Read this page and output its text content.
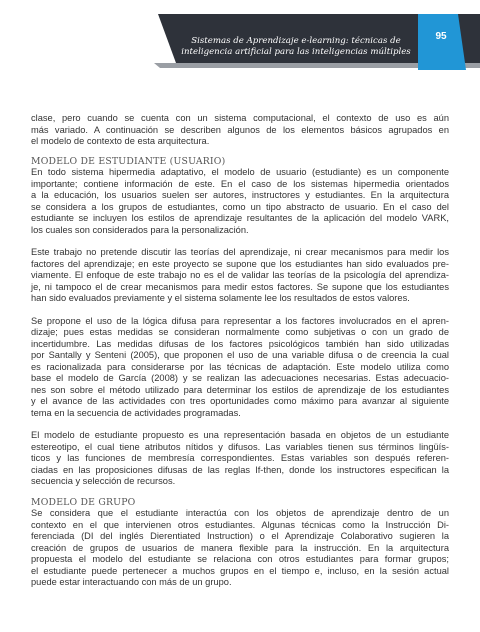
Sistemas de Aprendizaje e-learning: técnicas de
inteligencia artificial para las inteligencias múltiples
95

clase, pero cuando se cuenta con un sistema computacional, el contexto de uso es aún
más variado. A continuación se describen algunos de los elementos básicos agrupados en
el modelo de contexto de esta arquitectura.

MODELO DE ESTUDIANTE (USUARIO)

En todo sistema hipermedia adaptativo, el modelo de usuario (estudiante) es un componente
importante; contiene información de este. En el caso de los sistemas hipermedia orientados
a la educación, los usuarios suelen ser autores, instructores y estudiantes. En la arquitectura
se considera a los grupos de estudiantes, como un tipo abstracto de usuario. En el caso del
estudiante se incluyen los estilos de aprendizaje resultantes de la aplicación del modelo VARK,
los cuales son considerados para la personalización.

Este trabajo no pretende discutir las teorías del aprendizaje, ni crear mecanismos para medir los
factores del aprendizaje; en este proyecto se supone que los estudiantes han sido evaluados pre-
viamente. El enfoque de este trabajo no es el de validar las teorías de la psicología del aprendiza-
je, ni tampoco el de crear mecanismos para medir estos factores. Se supone que los estudiantes
han sido evaluados previamente y el sistema solamente lee los resultados de estos valores.

Se propone el uso de la lógica difusa para representar a los factores involucrados en el apren-
dizaje; pues estas medidas se consideran normalmente como subjetivas o con un grado de
incertidumbre. Las medidas difusas de los factores psicológicos también han sido utilizadas
por Santally y Senteni (2005), que proponen el uso de una variable difusa o de creencia la cual
es racionalizada para considerarse por las técnicas de adaptación. Este modelo utiliza como
base el modelo de García (2008) y se realizan las adecuaciones necesarias. Estas adecuacio-
nes son sobre el método utilizado para determinar los estilos de aprendizaje de los estudiantes
y el avance de las actividades con tres oportunidades como máximo para avanzar al siguiente
tema en la secuencia de actividades programadas.

El modelo de estudiante propuesto es una representación basada en objetos de un estudiante
estereotipo, el cual tiene atributos nítidos y difusos. Las variables tienen sus términos lingüís-
ticos y las funciones de membresía correspondientes. Estas variables son después referen-
ciadas en las proposiciones difusas de las reglas If-then, donde los instructores especifican la
secuencia y selección de recursos.

MODELO DE GRUPO

Se considera que el estudiante interactúa con los objetos de aprendizaje dentro de un
contexto en el que intervienen otros estudiantes. Algunas técnicas como la Instrucción Di-
ferenciada (DI del inglés Dierentiated Instruction) o el Aprendizaje Colaborativo sugieren la
creación de grupos de usuarios de manera flexible para la instrucción. En la arquitectura
propuesta el modelo del estudiante se relaciona con otros estudiantes para formar grupos;
el estudiante puede pertenecer a muchos grupos en el tiempo e, incluso, en la sesión actual
puede estar interactuando con más de un grupo.
